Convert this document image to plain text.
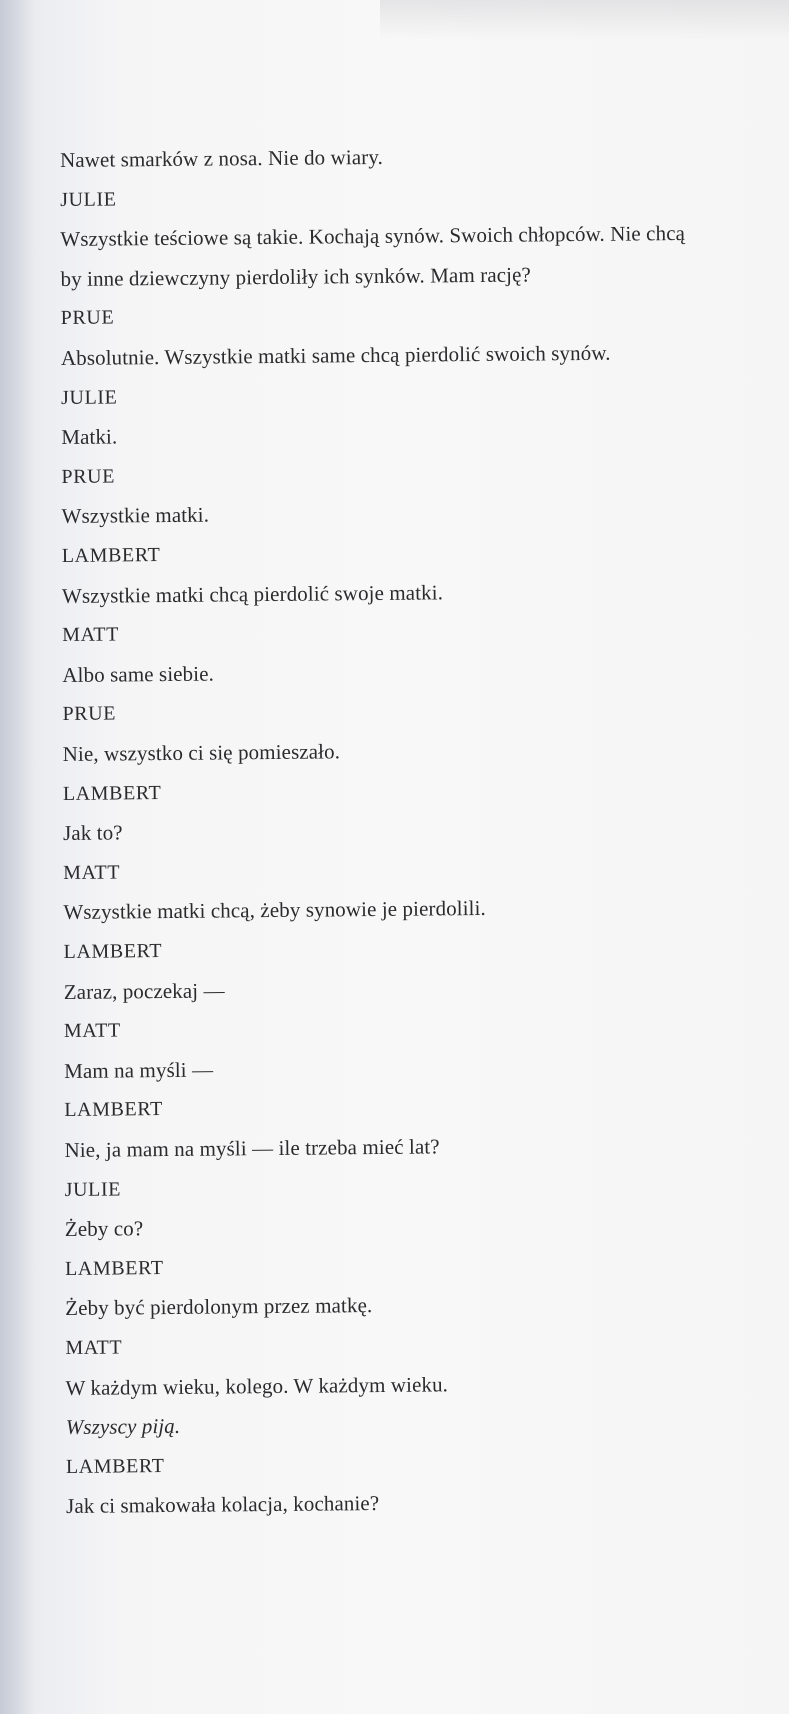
Nawet smarków z nosa. Nie do wiary.
JULIE
Wszystkie teściowe są takie. Kochają synów. Swoich chłopców. Nie chcą
by inne dziewczyny pierdoliły ich synków. Mam rację?
PRUE
Absolutnie. Wszystkie matki same chcą pierdolić swoich synów.
JULIE
Matki.
PRUE
Wszystkie matki.
LAMBERT
Wszystkie matki chcą pierdolić swoje matki.
MATT
Albo same siebie.
PRUE
Nie, wszystko ci się pomieszało.
LAMBERT
Jak to?
MATT
Wszystkie matki chcą, żeby synowie je pierdolili.
LAMBERT
Zaraz, poczekaj —
MATT
Mam na myśli —
LAMBERT
Nie, ja mam na myśli — ile trzeba mieć lat?
JULIE
Żeby co?
LAMBERT
Żeby być pierdolonym przez matkę.
MATT
W każdym wieku, kolego. W każdym wieku.
Wszyscy piją.
LAMBERT
Jak ci smakowała kolacja, kochanie?
